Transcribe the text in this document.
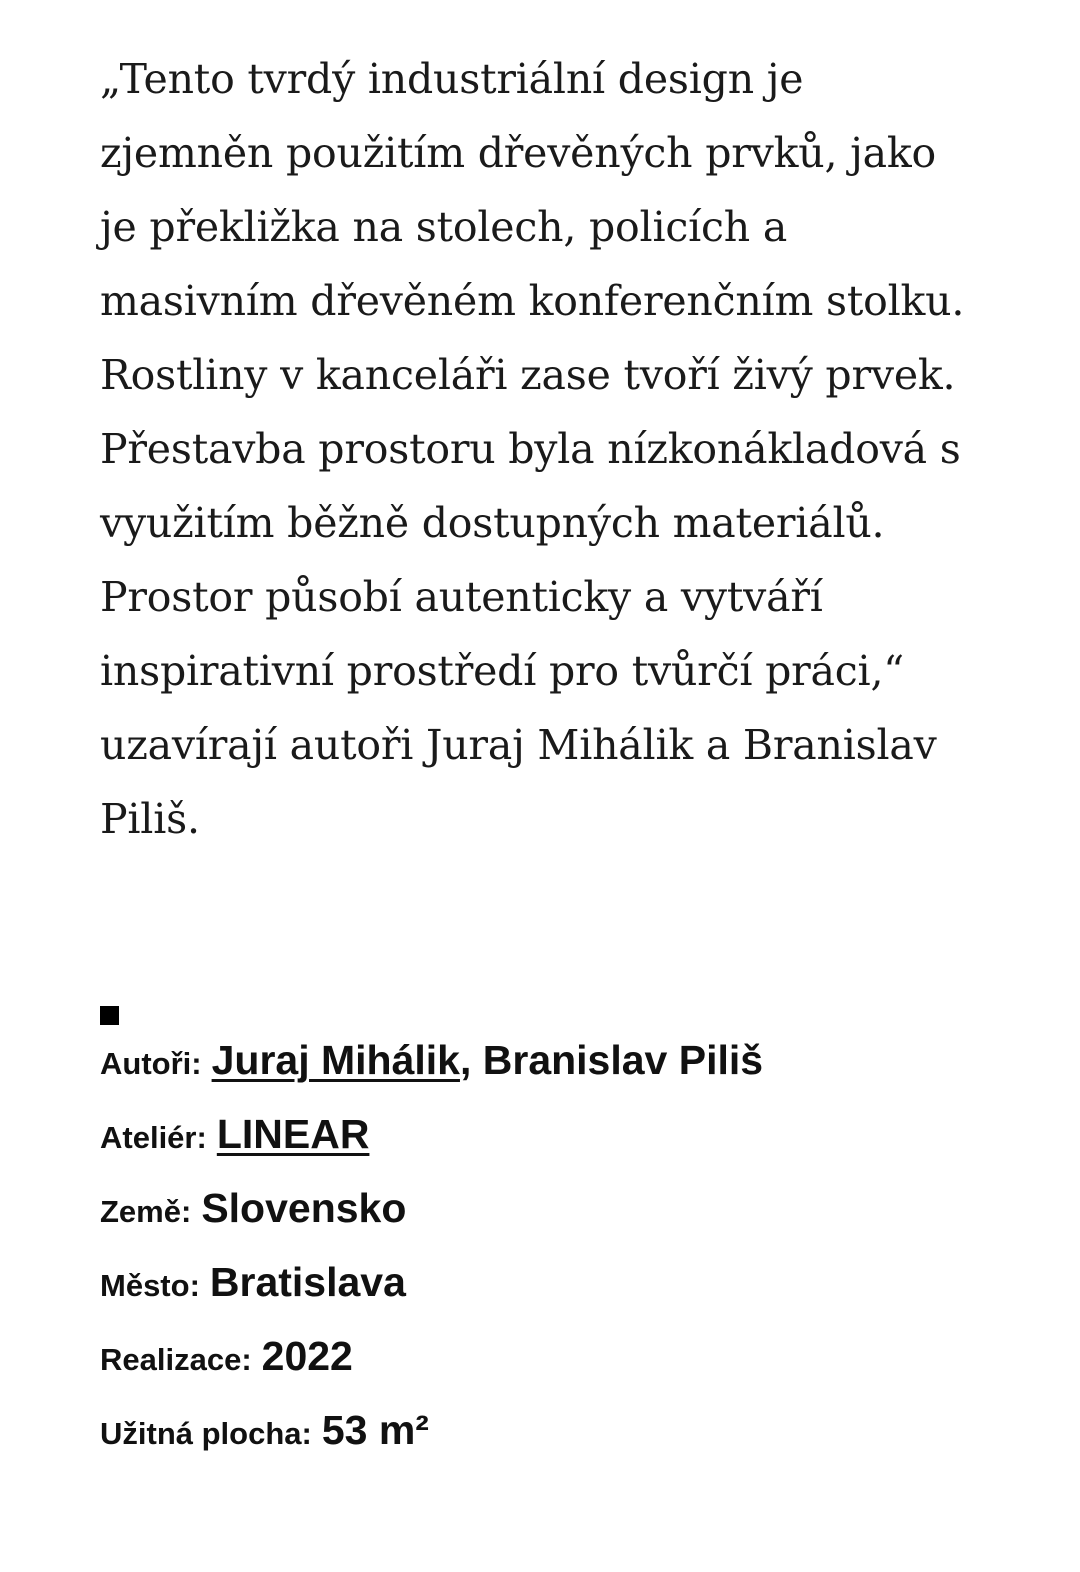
„Tento tvrdý industriální design je
zjemněn použitím dřevěných prvků, jako
je překližka na stolech, policích a
masivním dřevěném konferenčním stolku.
Rostliny v kanceláři zase tvoří živý prvek.
Přestavba prostoru byla nízkonákladová s
využitím běžně dostupných materiálů.
Prostor působí autenticky a vytváří
inspirativní prostředí pro tvůrčí práci,“
uzavírají autoři Juraj Mihálik a Branislav
Piliš.

Autoři: Juraj Mihálik, Branislav Piliš
Ateliér: LINEAR
Země: Slovensko
Město: Bratislava
Realizace: 2022
Užitná plocha: 53 m²
